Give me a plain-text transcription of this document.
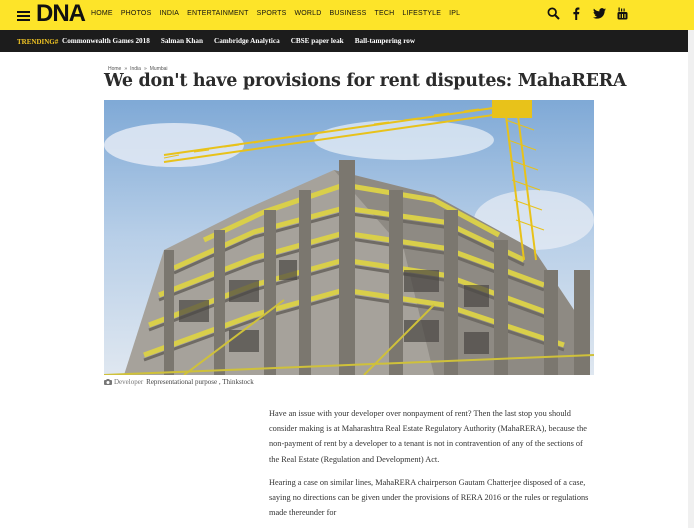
DNA HOME PHOTOS INDIA ENTERTAINMENT SPORTS WORLD BUSINESS TECH LIFESTYLE IPL
TRENDING# Commonwealth Games 2018 Salman Khan Cambridge Analytica CBSE paper leak Ball-tampering row
Home » India » Mumbai
We don't have provisions for rent disputes: MahaRERA
Developer Representational purpose , Thinkstock

Have an issue with your developer over nonpayment of rent? Then the last stop you should consider making is at Maharashtra Real Estate Regulatory Authority (MahaRERA), because the non-payment of rent by a developer to a tenant is not in contravention of any of the sections of the Real Estate (Regulation and Development) Act.

Hearing a case on similar lines, MahaRERA chairperson Gautam Chatterjee disposed of a case, saying no directions can be given under the provisions of RERA 2016 or the rules or regulations made thereunder for
